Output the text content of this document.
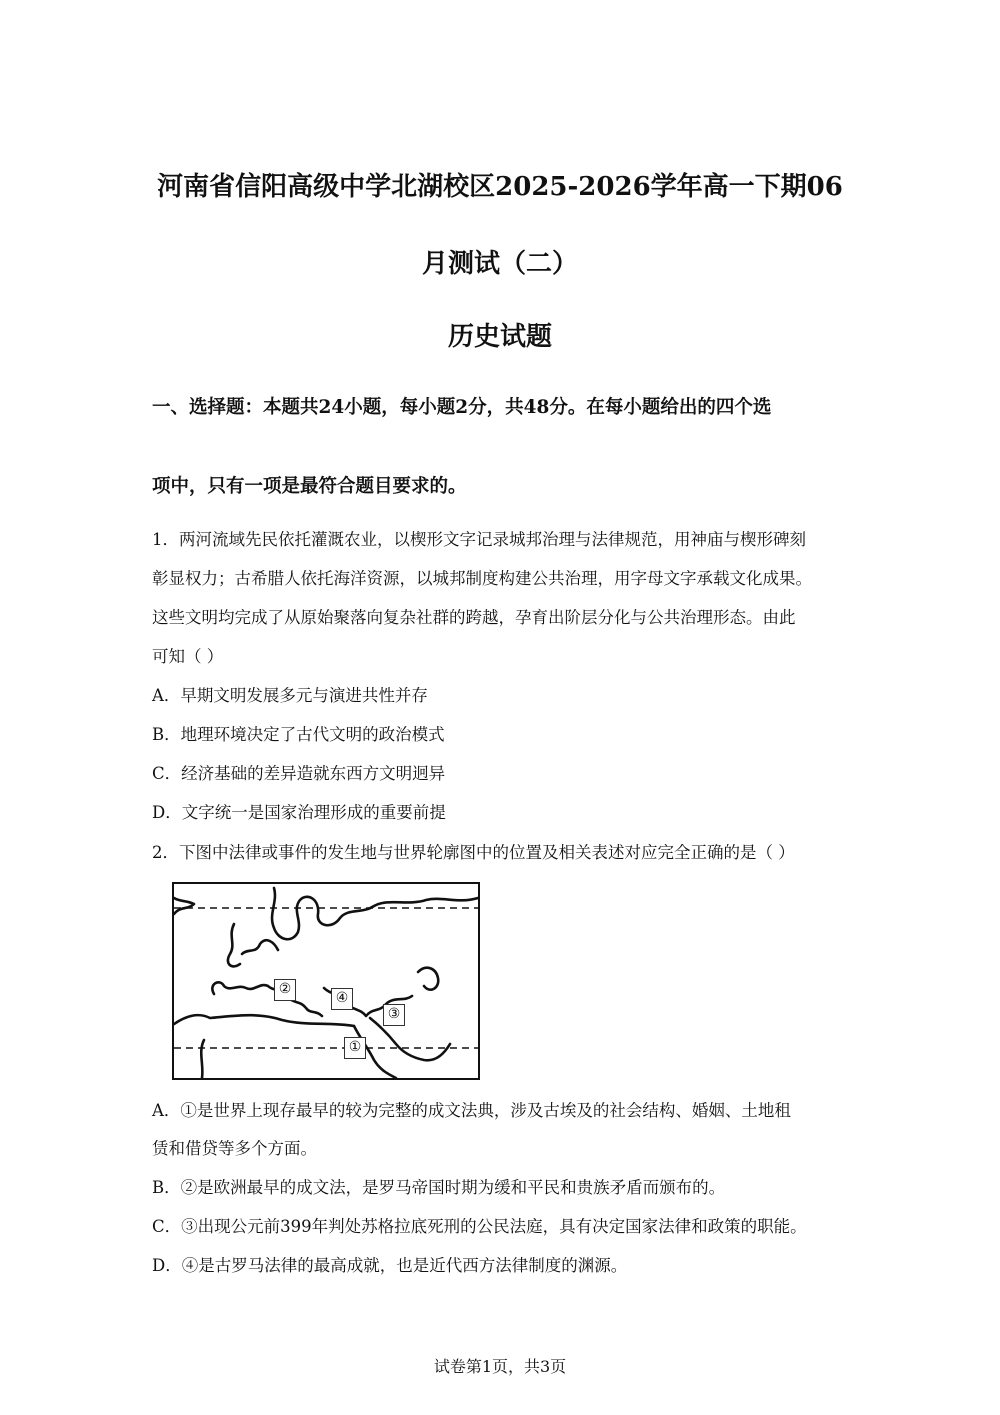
河南省信阳高级中学北湖校区2025-2026学年高一下期06
月测试（二）
历史试题
一、选择题：本题共24小题，每小题2分，共48分。在每小题给出的四个选
项中，只有一项是最符合题目要求的。
1．两河流域先民依托灌溉农业，以楔形文字记录城邦治理与法律规范，用神庙与楔形碑刻
彰显权力；古希腊人依托海洋资源，以城邦制度构建公共治理，用字母文字承载文化成果。
这些文明均完成了从原始聚落向复杂社群的跨越，孕育出阶层分化与公共治理形态。由此
可知（ ）
A．早期文明发展多元与演进共性并存
B．地理环境决定了古代文明的政治模式
C．经济基础的差异造就东西方文明迥异
D．文字统一是国家治理形成的重要前提
2．下图中法律或事件的发生地与世界轮廓图中的位置及相关表述对应完全正确的是（ ）
①
②
③
④
A．①是世界上现存最早的较为完整的成文法典，涉及古埃及的社会结构、婚姻、土地租
赁和借贷等多个方面。
B．②是欧洲最早的成文法，是罗马帝国时期为缓和平民和贵族矛盾而颁布的。
C．③出现公元前399年判处苏格拉底死刑的公民法庭，具有决定国家法律和政策的职能。
D．④是古罗马法律的最高成就，也是近代西方法律制度的渊源。
试卷第1页，共3页
